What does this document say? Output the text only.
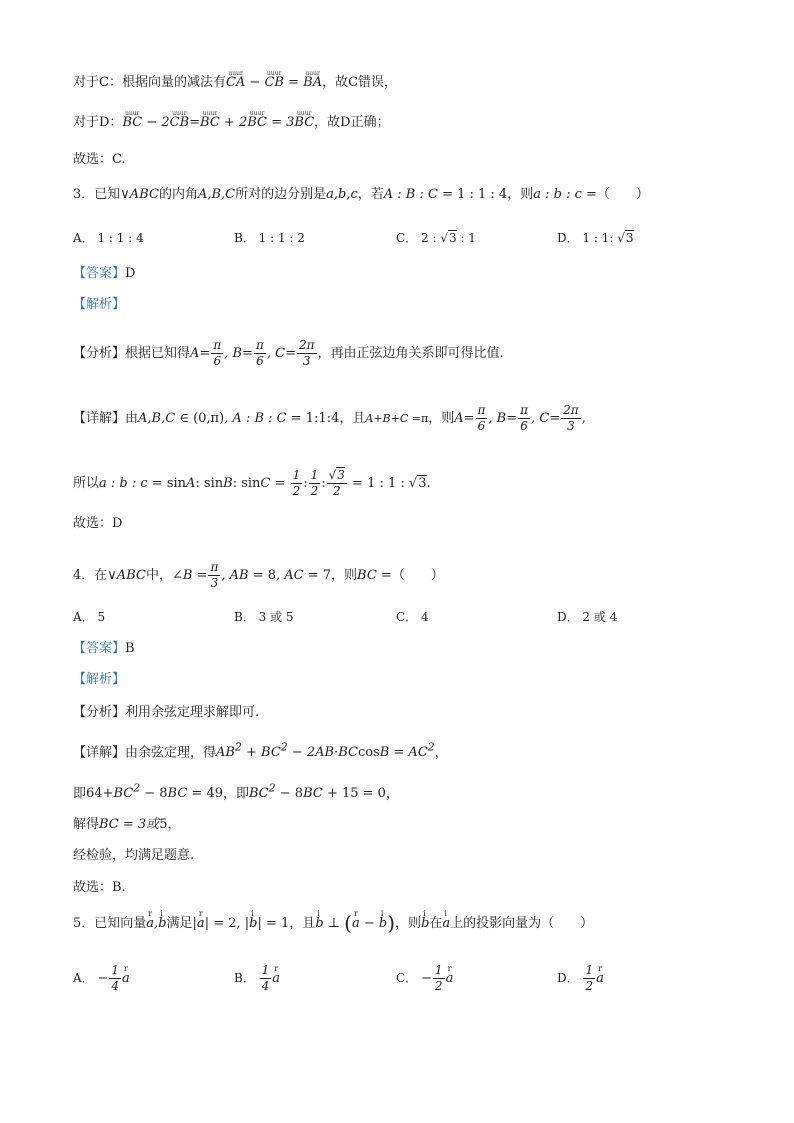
对于C：根据向量的减法有uuur CA − uuur CB = uuur BA，故C错误，
对于D：uuur BC − 2uuur CB=uuur BC + 2uuur BC = 3uuur BC，故D正确；
故选：C.
3．已知∨ABC的内角A,B,C所对的边分别是a,b,c，若A : B : C = 1 : 1 : 4，则a : b : c =（　　）
A． 1 : 1 : 4	B． 1 : 1 : 2	C． 2 : √3 : 1	D． 1 : 1: √3
【答案】D
【解析】
【分析】根据已知得$A= \frac{\pi}{6}$ , $B= \frac{\pi}{6}$ , $C= \frac{2\pi}{3}$ ，再由正弦边角关系即可得比值.
【详解】由A,B,C ∈ (0,π), A : B : C = 1:1:4，且A+B+C =π，则$A= \frac{\pi}{6}$ , $B= \frac{\pi}{6}$ , $C= \frac{2\pi}{3}$ ,
所以a : b : c = sinA: sinB: $\sin C = \frac{1}{2}$ : $\frac{1}{2}$ : $\frac{√3}{2} = 1$ : 1 : √3.
故选：D
4．在∨ABC中，∠B = $\frac{\pi}{3}$ , AB = 8, AC = 7，则BC =（　　）
A． 5	B． 3 或 5	C． 4	D． 2 或 4
【答案】B
【解析】
【分析】利用余弦定理求解即可.
【详解】由余弦定理，得$AB^2 + BC^2 - 2AB\cdot BCcosB = AC^2$，
即$64+BC^2 - 8BC = 49$，即$BC^2 - 8BC + 15 = 0$，
解得BC = 3或5，
经检验，均满足题意.
故选：B.
5．已知向量r a,i b满足|r a| = 2, |i b| = 1，且i b ⊥ (r a − i b)，则i b在i a上的投影向量为（　　）
A． − $\frac{1}{4}$ r a	B． $\frac{1}{4}$ r a	C． − $\frac{1}{2}$ r a	D． $\frac{1}{2}$ r a
